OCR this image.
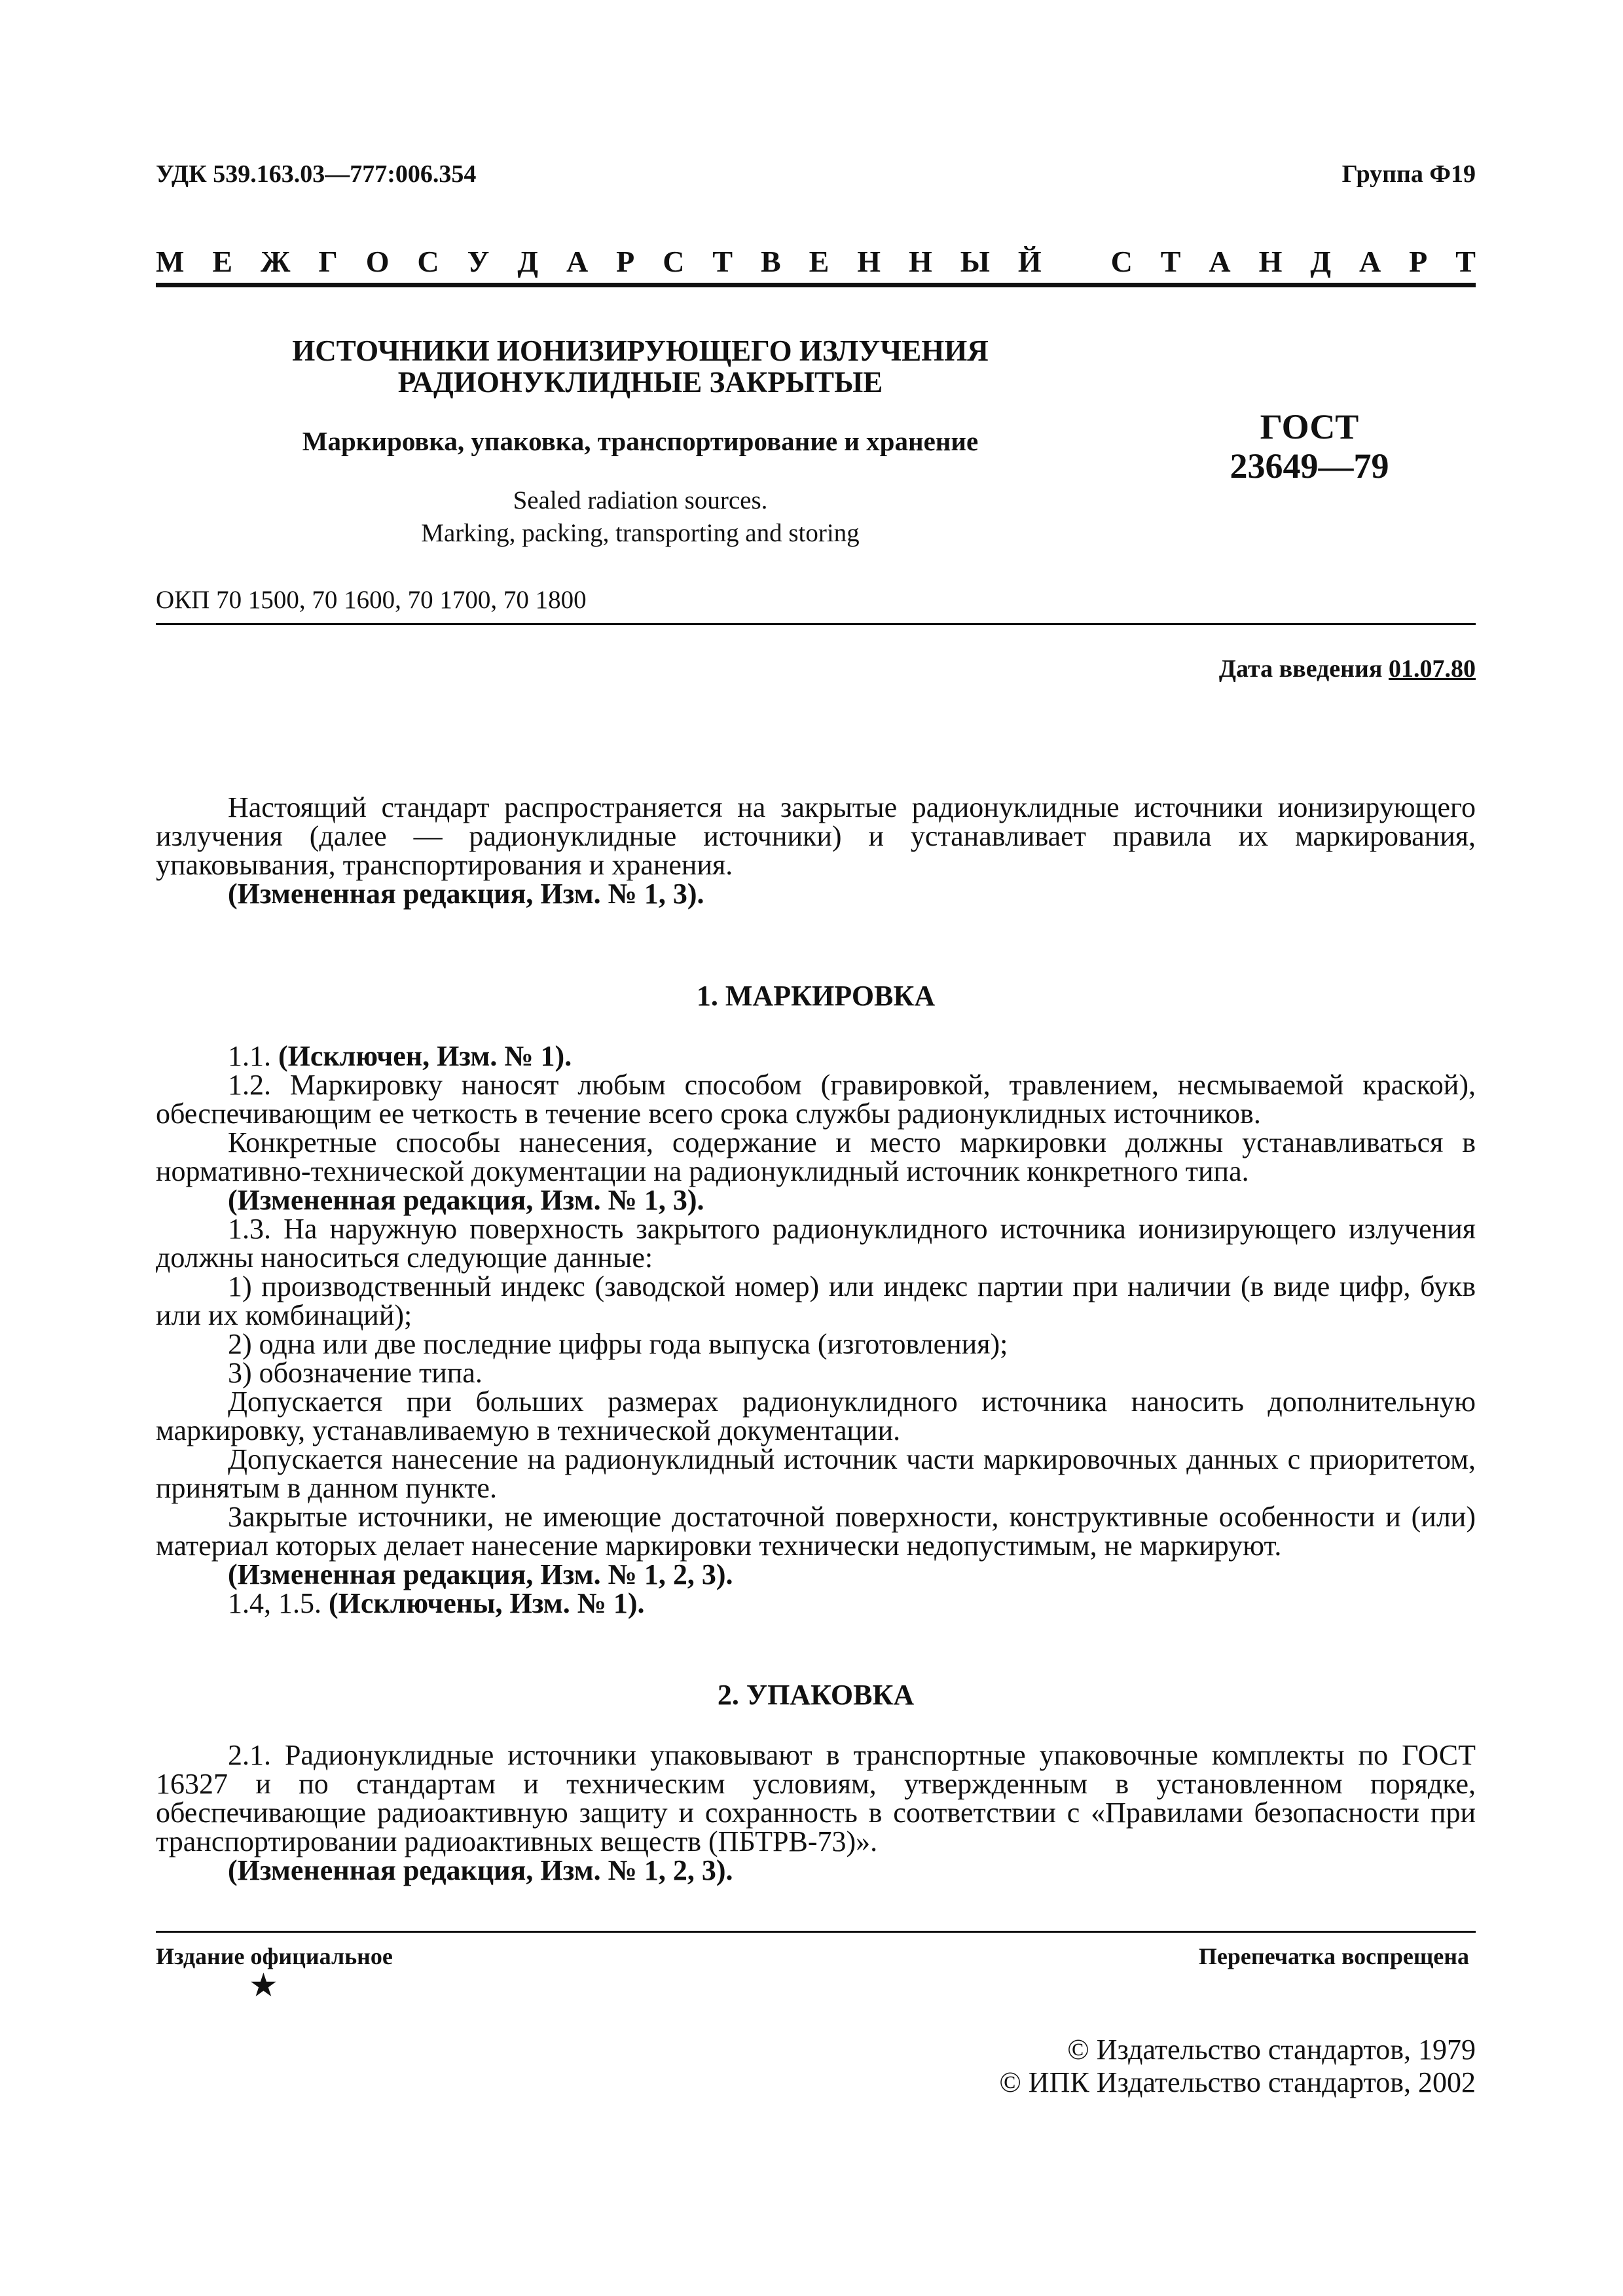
УДК 539.163.03—777:006.354	Группа Ф19
М Е Ж Г О С У Д А Р С Т В Е Н Н Ы Й С Т А Н Д А Р Т
ИСТОЧНИКИ ИОНИЗИРУЮЩЕГО ИЗЛУЧЕНИЯ
РАДИОНУКЛИДНЫЕ ЗАКРЫТЫЕ
Маркировка, упаковка, транспортирование и хранение
Sealed radiation sources.
Marking, packing, transporting and storing
ГОСТ
23649—79
ОКП 70 1500, 70 1600, 70 1700, 70 1800
Дата введения 01.07.80

Настоящий стандарт распространяется на закрытые радионуклидные источники ионизирующего излучения (далее — радионуклидные источники) и устанавливает правила их маркирования, упаковывания, транспортирования и хранения.

(Измененная редакция, Изм. № 1, 3).

1. МАРКИРОВКА

1.1. (Исключен, Изм. № 1).

1.2. Маркировку наносят любым способом (гравировкой, травлением, несмываемой краской), обеспечивающим ее четкость в течение всего срока службы радионуклидных источников.

Конкретные способы нанесения, содержание и место маркировки должны устанавливаться в нормативно-технической документации на радионуклидный источник конкретного типа.

(Измененная редакция, Изм. № 1, 3).

1.3. На наружную поверхность закрытого радионуклидного источника ионизирующего излучения должны наноситься следующие данные:

1) производственный индекс (заводской номер) или индекс партии при наличии (в виде цифр, букв или их комбинаций);

2) одна или две последние цифры года выпуска (изготовления);

3) обозначение типа.

Допускается при больших размерах радионуклидного источника наносить дополнительную маркировку, устанавливаемую в технической документации.

Допускается нанесение на радионуклидный источник части маркировочных данных с приоритетом, принятым в данном пункте.

Закрытые источники, не имеющие достаточной поверхности, конструктивные особенности и (или) материал которых делает нанесение маркировки технически недопустимым, не маркируют.

(Измененная редакция, Изм. № 1, 2, 3).

1.4, 1.5. (Исключены, Изм. № 1).

2. УПАКОВКА

2.1. Радионуклидные источники упаковывают в транспортные упаковочные комплекты по ГОСТ 16327 и по стандартам и техническим условиям, утвержденным в установленном порядке, обеспечивающие радиоактивную защиту и сохранность в соответствии с «Правилами безопасности при транспортировании радиоактивных веществ (ПБТРВ-73)».

(Измененная редакция, Изм. № 1, 2, 3).

Издание официальное	Перепечатка воспрещена
★
© Издательство стандартов, 1979
© ИПК Издательство стандартов, 2002
